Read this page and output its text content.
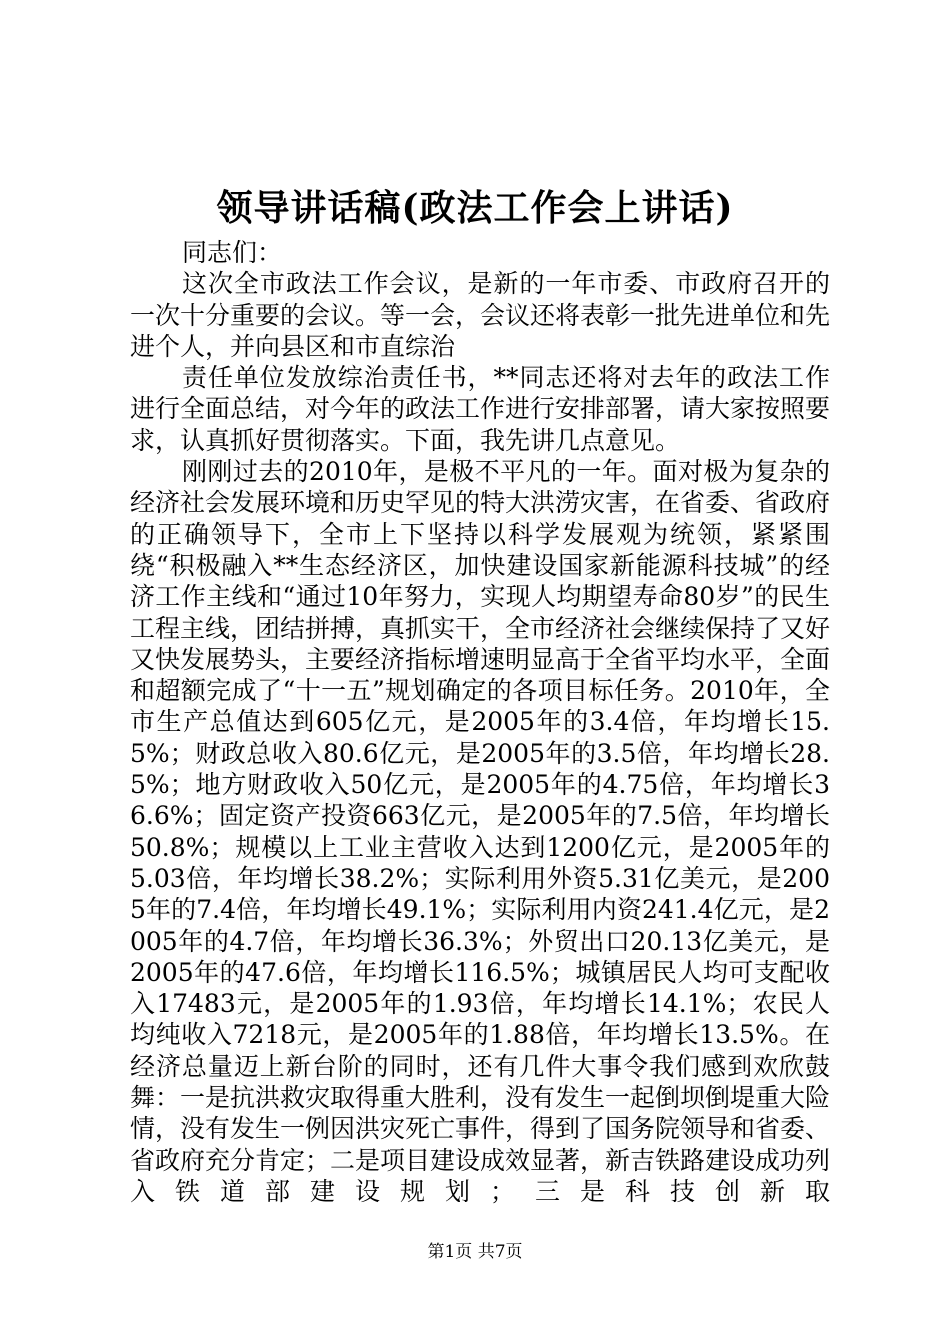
领导讲话稿(政法工作会上讲话)

同志们：

这次全市政法工作会议，是新的一年市委、市政府召开的一次十分重要的会议。等一会，会议还将表彰一批先进单位和先进个人，并向县区和市直综治

责任单位发放综治责任书，**同志还将对去年的政法工作进行全面总结，对今年的政法工作进行安排部署，请大家按照要求，认真抓好贯彻落实。下面，我先讲几点意见。

刚刚过去的2010年，是极不平凡的一年。面对极为复杂的经济社会发展环境和历史罕见的特大洪涝灾害，在省委、省政府的正确领导下，全市上下坚持以科学发展观为统领，紧紧围绕“积极融入**生态经济区，加快建设国家新能源科技城”的经济工作主线和“通过10年努力，实现人均期望寿命80岁”的民生工程主线，团结拼搏，真抓实干，全市经济社会继续保持了又好又快发展势头，主要经济指标增速明显高于全省平均水平，全面和超额完成了“十一五”规划确定的各项目标任务。2010年，全市生产总值达到605亿元，是2005年的3.4倍，年均增长15.5%；财政总收入80.6亿元，是2005年的3.5倍，年均增长28.5%；地方财政收入50亿元，是2005年的4.75倍，年均增长36.6%；固定资产投资663亿元，是2005年的7.5倍，年均增长50.8%；规模以上工业主营收入达到1200亿元，是2005年的5.03倍，年均增长38.2%；实际利用外资5.31亿美元，是2005年的7.4倍，年均增长49.1%；实际利用内资241.4亿元，是2005年的4.7倍，年均增长36.3%；外贸出口20.13亿美元，是2005年的47.6倍，年均增长116.5%；城镇居民人均可支配收入17483元，是2005年的1.93倍，年均增长14.1%；农民人均纯收入7218元，是2005年的1.88倍，年均增长13.5%。在经济总量迈上新台阶的同时，还有几件大事令我们感到欢欣鼓舞：一是抗洪救灾取得重大胜利，没有发生一起倒坝倒堤重大险情，没有发生一例因洪灾死亡事件，得到了国务院领导和省委、省政府充分肯定；二是项目建设成效显著，新吉铁路建设成功列入铁道部建设规划；三是科技创新取

第1页 共7页
